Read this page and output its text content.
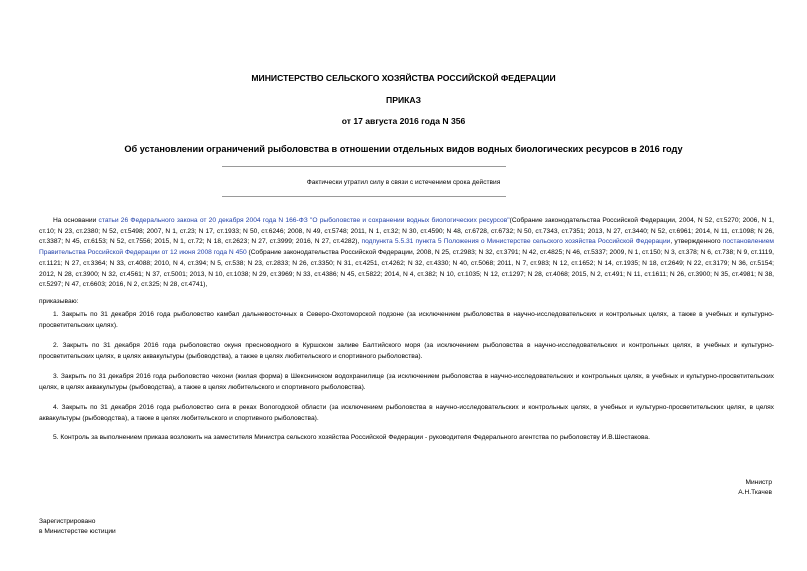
МИНИСТЕРСТВО СЕЛЬСКОГО ХОЗЯЙСТВА РОССИЙСКОЙ ФЕДЕРАЦИИ
ПРИКАЗ
от 17 августа 2016 года N 356
Об установлении ограничений рыболовства в отношении отдельных видов водных биологических ресурсов в 2016 году
Фактически утратил силу в связи с истечением срока действия
На основании статьи 26 Федерального закона от 20 декабря 2004 года N 166-ФЗ "О рыболовстве и сохранении водных биологических ресурсов"(Собрание законодательства Российской Федерации, 2004, N 52, ст.5270; 2006, N 1, ст.10; N 23, ст.2380; N 52, ст.5498; 2007, N 1, ст.23; N 17, ст.1933; N 50, ст.6246; 2008, N 49, ст.5748; 2011, N 1, ст.32; N 30, ст.4590; N 48, ст.6728, ст.6732; N 50, ст.7343, ст.7351; 2013, N 27, ст.3440; N 52, ст.6961; 2014, N 11, ст.1098; N 26, ст.3387; N 45, ст.6153; N 52, ст.7556; 2015, N 1, ст.72; N 18, ст.2623; N 27, ст.3999; 2016, N 27, ст.4282), подпункта 5.5.31 пункта 5 Положения о Министерстве сельского хозяйства Российской Федерации, утвержденного постановлением Правительства Российской Федерации от 12 июня 2008 года N 450 (Собрание законодательства Российской Федерации, 2008, N 25, ст.2983; N 32, ст.3791; N 42, ст.4825; N 46, ст.5337; 2009, N 1, ст.150; N 3, ст.378; N 6, ст.738; N 9, ст.1119, ст.1121; N 27, ст.3364; N 33, ст.4088; 2010, N 4, ст.394; N 5, ст.538; N 23, ст.2833; N 26, ст.3350; N 31, ст.4251, ст.4262; N 32, ст.4330; N 40, ст.5068; 2011, N 7, ст.983; N 12, ст.1652; N 14, ст.1935; N 18, ст.2649; N 22, ст.3179; N 36, ст.5154; 2012, N 28, ст.3900; N 32, ст.4561; N 37, ст.5001; 2013, N 10, ст.1038; N 29, ст.3969; N 33, ст.4386; N 45, ст.5822; 2014, N 4, ст.382; N 10, ст.1035; N 12, ст.1297; N 28, ст.4068; 2015, N 2, ст.491; N 11, ст.1611; N 26, ст.3900; N 35, ст.4981; N 38, ст.5297; N 47, ст.6603; 2016, N 2, ст.325; N 28, ст.4741),
приказываю:
1. Закрыть по 31 декабря 2016 года рыболовство камбал дальневосточных в Северо-Охотоморской подзоне (за исключением рыболовства в научно-исследовательских и контрольных целях, а также в учебных и культурно-просветительских целях).
2. Закрыть по 31 декабря 2016 года рыболовство окуня пресноводного в Куршском заливе Балтийского моря (за исключением рыболовства в научно-исследовательских и контрольных целях, в учебных и культурно-просветительских целях, в целях аквакультуры (рыбоводства), а также в целях любительского и спортивного рыболовства).
3. Закрыть по 31 декабря 2016 года рыболовство чехони (жилая форма) в Шекснинском водохранилище (за исключением рыболовства в научно-исследовательских и контрольных целях, в учебных и культурно-просветительских целях, в целях аквакультуры (рыбоводства), а также в целях любительского и спортивного рыболовства).
4. Закрыть по 31 декабря 2016 года рыболовство сига в реках Вологодской области (за исключением рыболовства в научно-исследовательских и контрольных целях, в учебных и культурно-просветительских целях, в целях аквакультуры (рыбоводства), а также в целях любительского и спортивного рыболовства).
5. Контроль за выполнением приказа возложить на заместителя Министра сельского хозяйства Российской Федерации - руководителя Федерального агентства по рыболовству И.В.Шестакова.
Министр
А.Н.Ткачев
Зарегистрировано
в Министерстве юстиции
